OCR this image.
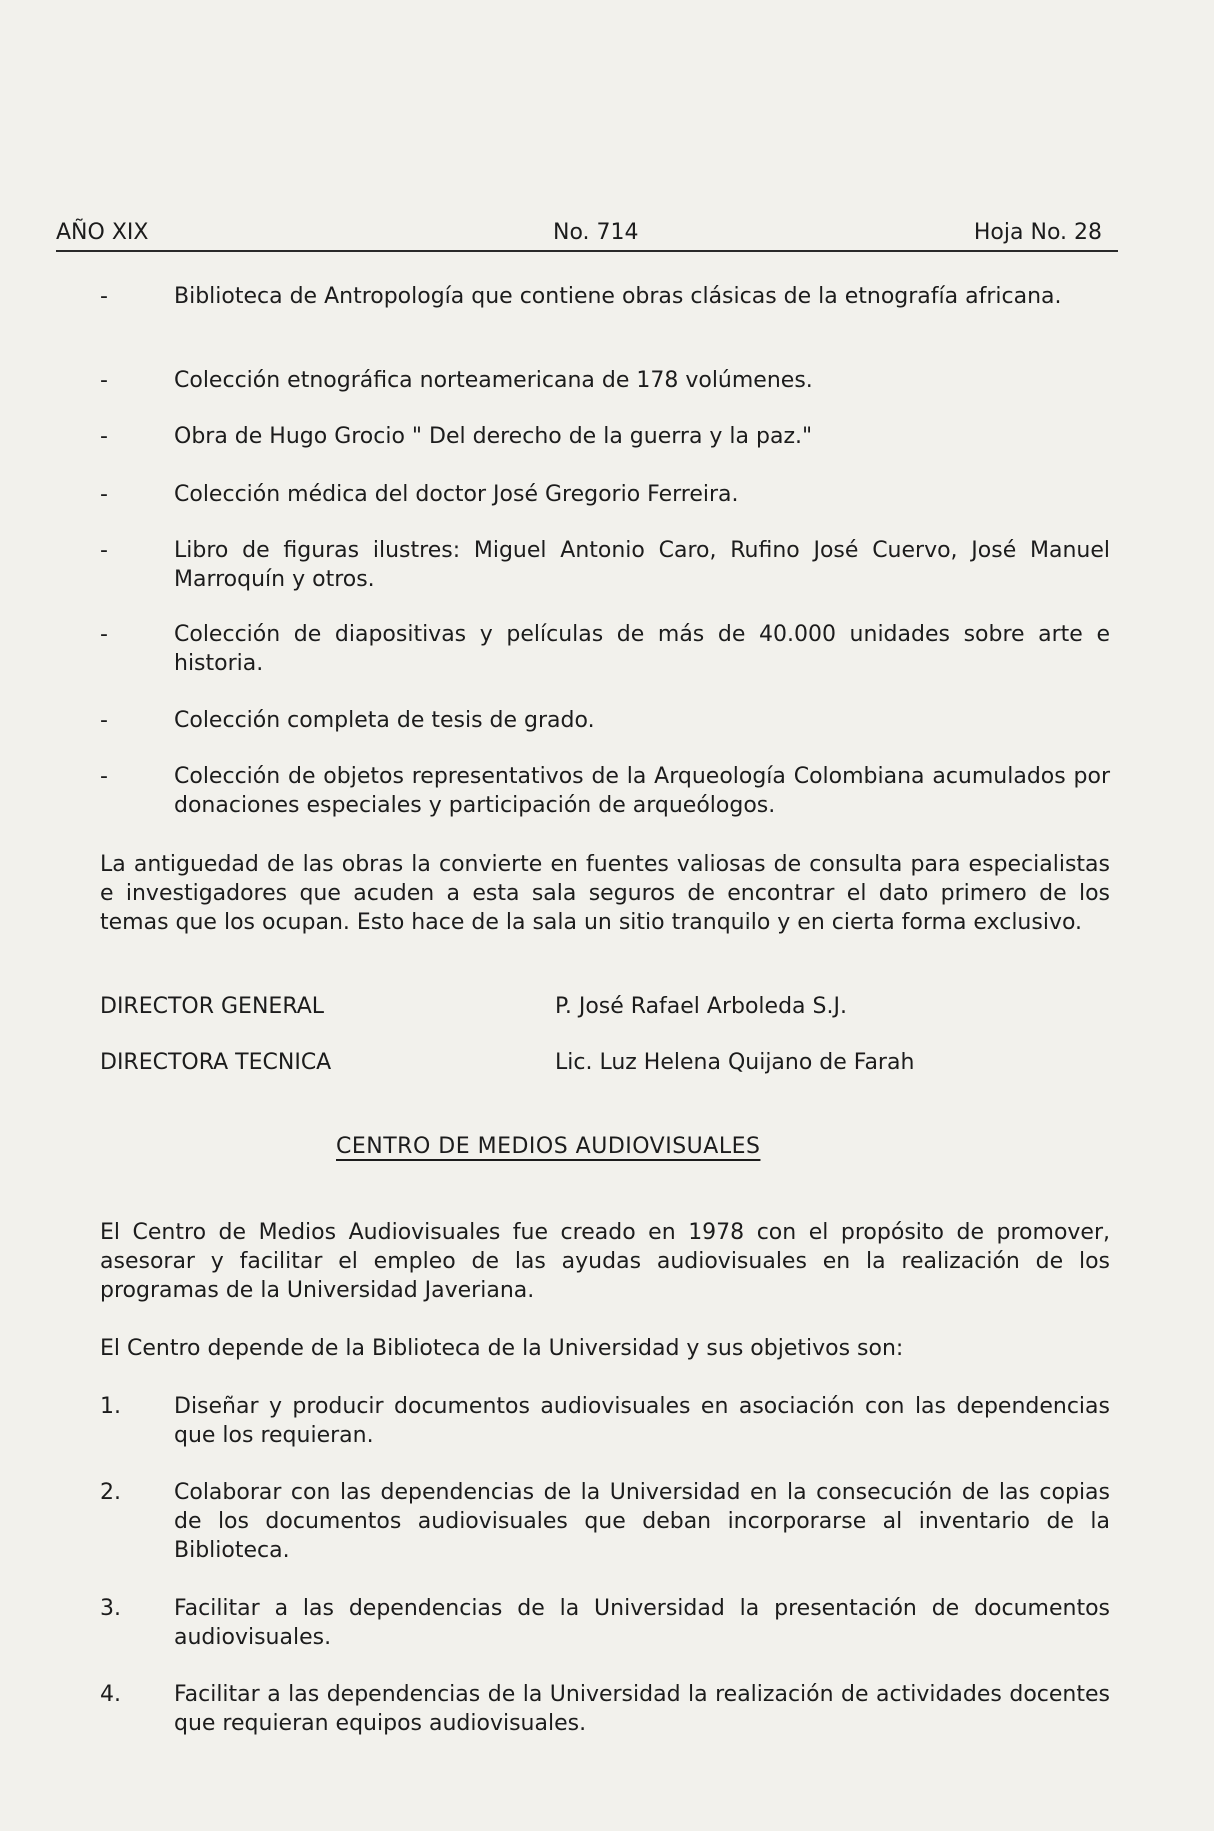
AÑO XIX	No. 714	Hoja No. 28
-	Biblioteca de Antropología que contiene obras clásicas de la etnografía africana.
-	Colección etnográfica norteamericana de 178 volúmenes.
-	Obra de Hugo Grocio " Del derecho de la guerra y la paz."
-	Colección médica del doctor José Gregorio Ferreira.
-	Libro de figuras ilustres: Miguel Antonio Caro, Rufino José Cuervo, José Manuel Marroquín y otros.
-	Colección de diapositivas y películas de más de 40.000 unidades sobre arte e historia.
-	Colección completa de tesis de grado.
-	Colección de objetos representativos de la Arqueología Colombiana acumulados por donaciones especiales y participación de arqueólogos.
La antiguedad de las obras la convierte en fuentes valiosas de consulta para especialistas e investigadores que acuden a esta sala seguros de encontrar el dato primero de los temas que los ocupan. Esto hace de la sala un sitio tranquilo y en cierta forma exclusivo.
DIRECTOR GENERAL	P. José Rafael Arboleda S.J.
DIRECTORA TECNICA	Lic. Luz Helena Quijano de Farah
CENTRO DE MEDIOS AUDIOVISUALES
El Centro de Medios Audiovisuales fue creado en 1978 con el propósito de promover, asesorar y facilitar el empleo de las ayudas audiovisuales en la realización de los programas de la Universidad Javeriana.
El Centro depende de la Biblioteca de la Universidad y sus objetivos son:
1.	Diseñar y producir documentos audiovisuales en asociación con las dependencias que los requieran.
2.	Colaborar con las dependencias de la Universidad en la consecución de las copias de los documentos audiovisuales que deban incorporarse al inventario de la Biblioteca.
3.	Facilitar a las dependencias de la Universidad la presentación de documentos audiovisuales.
4.	Facilitar a las dependencias de la Universidad la realización de actividades docentes que requieran equipos audiovisuales.
